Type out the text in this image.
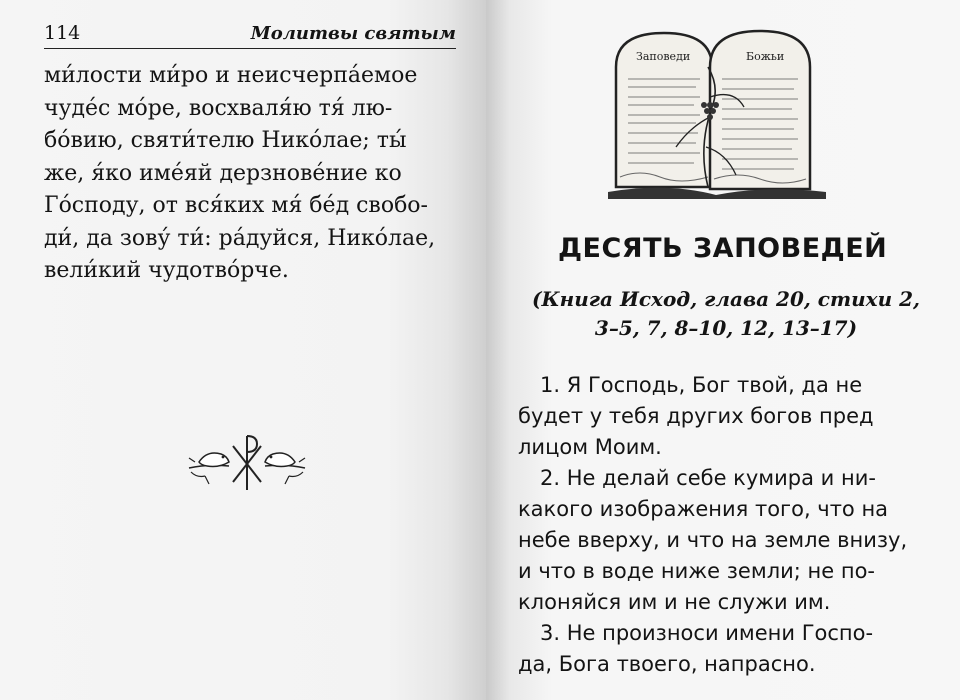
114	Молитвы святым
ми́лости ми́ро и неисчерпа́емое
чуде́с мо́ре, восхваля́ю тя́ лю-
бо́вию, святи́телю Нико́лае; ты́
же, я́ко име́яй дерзнове́ние ко
Го́споду, от вся́ких мя́ бе́д свобо-
ди́, да зову́ ти́: ра́дуйся, Нико́лае,
вели́кий чудотво́рче.
Заповеди	Божьи
ДЕСЯТЬ ЗАПОВЕДЕЙ
(Книга Исход, глава 20, стихи 2,
3–5, 7, 8–10, 12, 13–17)
1. Я Господь, Бог твой, да не
будет у тебя других богов пред
лицом Моим.
2. Не делай себе кумира и ни-
какого изображения того, что на
небе вверху, и что на земле внизу,
и что в воде ниже земли; не по-
клоняйся им и не служи им.
3. Не произноси имени Госпо-
да, Бога твоего, напрасно.
